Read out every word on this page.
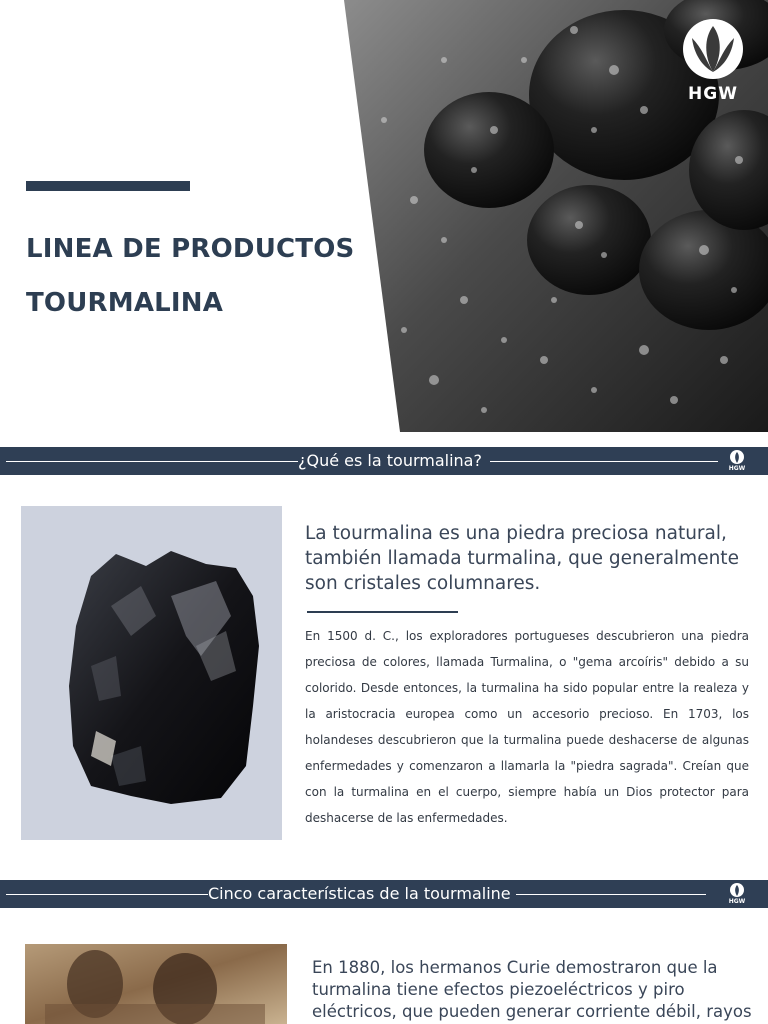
LINEA DE PRODUCTOS
TOURMALINA
HGW
¿Qué es la tourmalina?	HGW
La tourmalina es una piedra preciosa natural, también llamada turmalina, que generalmente son cristales columnares.
En 1500 d. C., los exploradores portugueses descubrieron una piedra preciosa de colores, llamada Turmalina, o "gema arcoíris" debido a su colorido. Desde entonces, la turmalina ha sido popular entre la realeza y la aristocracia europea como un accesorio precioso. En 1703, los holandeses descubrieron que la turmalina puede deshacerse de algunas enfermedades y comenzaron a llamarla la "piedra sagrada". Creían que con la turmalina en el cuerpo, siempre había un Dios protector para deshacerse de las enfermedades.
Cinco características de la tourmaline	HGW
En 1880, los hermanos Curie demostraron que la turmalina tiene efectos piezoeléctricos y piro eléctricos, que pueden generar corriente débil, rayos
